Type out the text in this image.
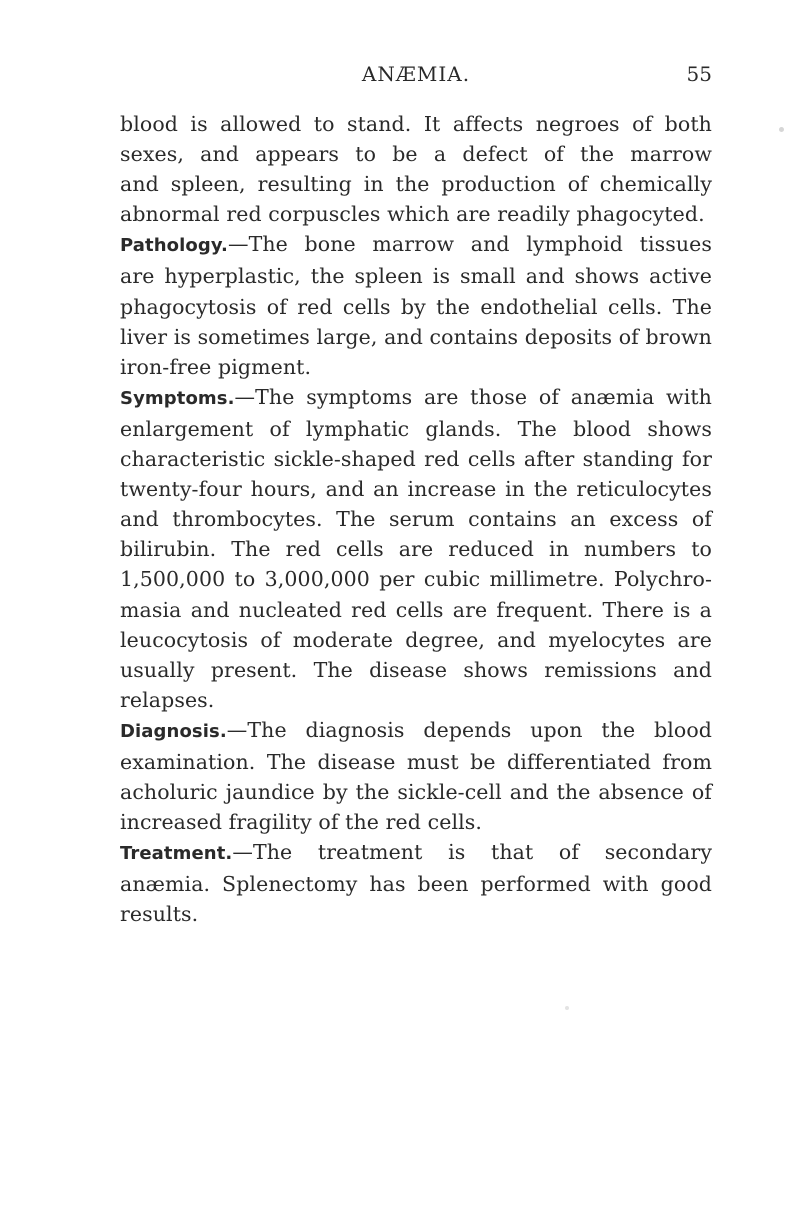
ANÆMIA.	55

blood is allowed to stand. It affects negroes of both
sexes, and appears to be a defect of the marrow
and spleen, resulting in the production of chemically
abnormal red corpuscles which are readily phagocyted.

Pathology.—The bone marrow and lymphoid tissues
are hyperplastic, the spleen is small and shows active
phagocytosis of red cells by the endothelial cells. The
liver is sometimes large, and contains deposits of brown
iron-free pigment.

Symptoms.—The symptoms are those of anæmia with
enlargement of lymphatic glands. The blood shows
characteristic sickle-shaped red cells after standing for
twenty-four hours, and an increase in the reticulocytes
and thrombocytes. The serum contains an excess of
bilirubin. The red cells are reduced in numbers to
1,500,000 to 3,000,000 per cubic millimetre. Polychro-
masia and nucleated red cells are frequent. There is a
leucocytosis of moderate degree, and myelocytes are
usually present. The disease shows remissions and
relapses.

Diagnosis.—The diagnosis depends upon the blood
examination. The disease must be differentiated from
acholuric jaundice by the sickle-cell and the absence of
increased fragility of the red cells.

Treatment.—The treatment is that of secondary
anæmia. Splenectomy has been performed with good
results.
